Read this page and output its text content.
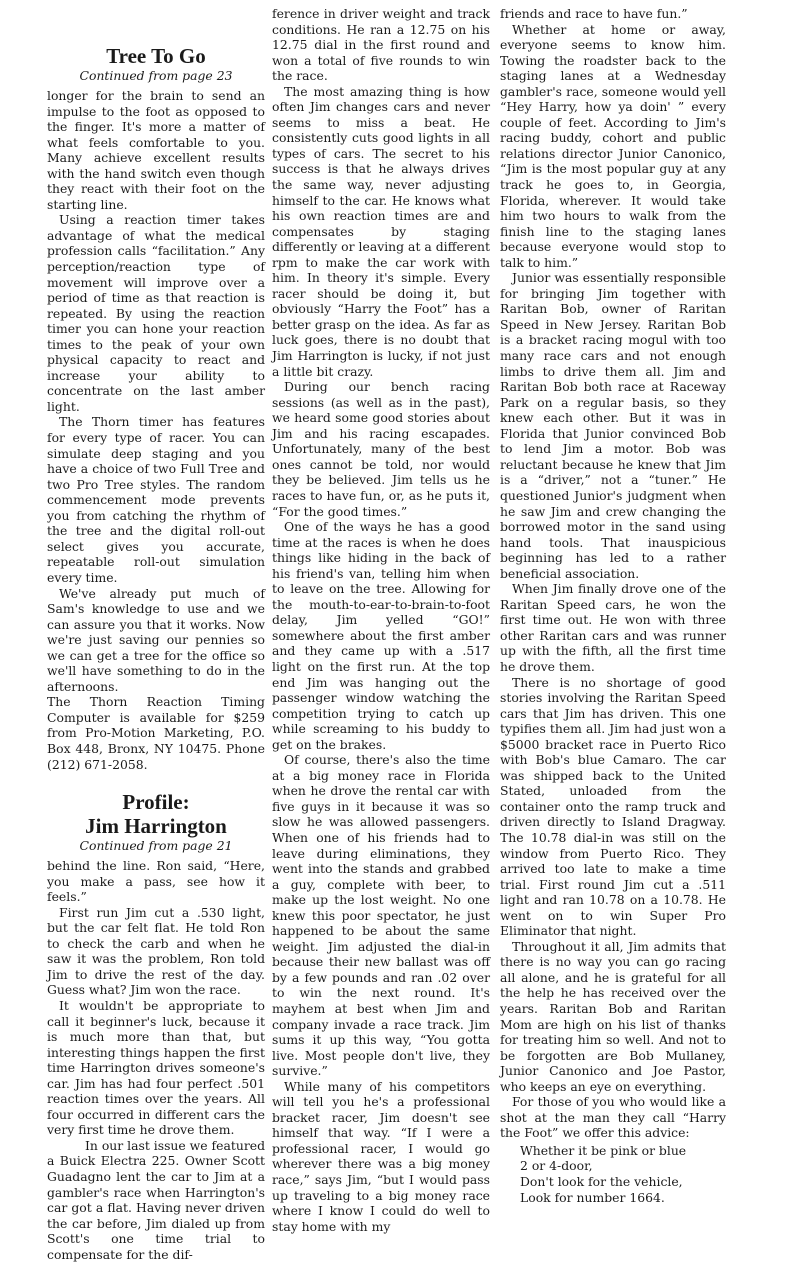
Tree To Go
Continued from page 23

longer for the brain to send an impulse to the foot as opposed to the finger. It's more a matter of what feels comfortable to you. Many achieve excellent results with the hand switch even though they react with their foot on the starting line.

Using a reaction timer takes advantage of what the medical profession calls “facilitation.” Any perception/reaction type of movement will improve over a period of time as that reaction is repeated. By using the reaction timer you can hone your reaction times to the peak of your own physical capacity to react and increase your ability to concentrate on the last amber light.

The Thorn timer has features for every type of racer. You can simulate deep staging and you have a choice of two Full Tree and two Pro Tree styles. The random commencement mode prevents you from catching the rhythm of the tree and the digital roll-out select gives you accurate, repeatable roll-out simulation every time.

We've already put much of Sam's knowledge to use and we can assure you that it works. Now we're just saving our pennies so we can get a tree for the office so we'll have something to do in the afternoons.

The Thorn Reaction Timing Computer is available for $259 from Pro-Motion Marketing, P.O. Box 448, Bronx, NY 10475. Phone (212) 671-2058.

Profile:
Jim Harrington
Continued from page 21

behind the line. Ron said, “Here, you make a pass, see how it feels.”

First run Jim cut a .530 light, but the car felt flat. He told Ron to check the carb and when he saw it was the problem, Ron told Jim to drive the rest of the day. Guess what? Jim won the race.

It wouldn't be appropriate to call it beginner's luck, because it is much more than that, but interesting things happen the first time Harrington drives someone's car. Jim has had four perfect .501 reaction times over the years. All four occurred in different cars the very first time he drove them.

In our last issue we featured a Buick Electra 225. Owner Scott Guadagno lent the car to Jim at a gambler's race when Harrington's car got a flat. Having never driven the car before, Jim dialed up from Scott's one time trial to compensate for the dif-

ference in driver weight and track conditions. He ran a 12.75 on his 12.75 dial in the first round and won a total of five rounds to win the race.

The most amazing thing is how often Jim changes cars and never seems to miss a beat. He consistently cuts good lights in all types of cars. The secret to his success is that he always drives the same way, never adjusting himself to the car. He knows what his own reaction times are and compensates by staging differently or leaving at a different rpm to make the car work with him. In theory it's simple. Every racer should be doing it, but obviously “Harry the Foot” has a better grasp on the idea. As far as luck goes, there is no doubt that Jim Harrington is lucky, if not just a little bit crazy.

During our bench racing sessions (as well as in the past), we heard some good stories about Jim and his racing escapades. Unfortunately, many of the best ones cannot be told, nor would they be believed. Jim tells us he races to have fun, or, as he puts it, “For the good times.”

One of the ways he has a good time at the races is when he does things like hiding in the back of his friend's van, telling him when to leave on the tree. Allowing for the mouth-to-ear-to-brain-to-foot delay, Jim yelled “GO!” somewhere about the first amber and they came up with a .517 light on the first run. At the top end Jim was hanging out the passenger window watching the competition trying to catch up while screaming to his buddy to get on the brakes.

Of course, there's also the time at a big money race in Florida when he drove the rental car with five guys in it because it was so slow he was allowed passengers. When one of his friends had to leave during eliminations, they went into the stands and grabbed a guy, complete with beer, to make up the lost weight. No one knew this poor spectator, he just happened to be about the same weight. Jim adjusted the dial-in because their new ballast was off by a few pounds and ran .02 over to win the next round. It's mayhem at best when Jim and company invade a race track. Jim sums it up this way, “You gotta live. Most people don't live, they survive.”

While many of his competitors will tell you he's a professional bracket racer, Jim doesn't see himself that way. “If I were a professional racer, I would go wherever there was a big money race,” says Jim, “but I would pass up traveling to a big money race where I know I could do well to stay home with my

friends and race to have fun.”

Whether at home or away, everyone seems to know him. Towing the roadster back to the staging lanes at a Wednesday gambler's race, someone would yell “Hey Harry, how ya doin' ” every couple of feet. According to Jim's racing buddy, cohort and public relations director Junior Canonico, “Jim is the most popular guy at any track he goes to, in Georgia, Florida, wherever. It would take him two hours to walk from the finish line to the staging lanes because everyone would stop to talk to him.”

Junior was essentially responsible for bringing Jim together with Raritan Bob, owner of Raritan Speed in New Jersey. Raritan Bob is a bracket racing mogul with too many race cars and not enough limbs to drive them all. Jim and Raritan Bob both race at Raceway Park on a regular basis, so they knew each other. But it was in Florida that Junior convinced Bob to lend Jim a motor. Bob was reluctant because he knew that Jim is a “driver,” not a “tuner.” He questioned Junior's judgment when he saw Jim and crew changing the borrowed motor in the sand using hand tools. That inauspicious beginning has led to a rather beneficial association.

When Jim finally drove one of the Raritan Speed cars, he won the first time out. He won with three other Raritan cars and was runner up with the fifth, all the first time he drove them.

There is no shortage of good stories involving the Raritan Speed cars that Jim has driven. This one typifies them all. Jim had just won a $5000 bracket race in Puerto Rico with Bob's blue Camaro. The car was shipped back to the United Stated, unloaded from the container onto the ramp truck and driven directly to Island Dragway. The 10.78 dial-in was still on the window from Puerto Rico. They arrived too late to make a time trial. First round Jim cut a .511 light and ran 10.78 on a 10.78. He went on to win Super Pro Eliminator that night.

Throughout it all, Jim admits that there is no way you can go racing all alone, and he is grateful for all the help he has received over the years. Raritan Bob and Raritan Mom are high on his list of thanks for treating him so well. And not to be forgotten are Bob Mullaney, Junior Canonico and Joe Pastor, who keeps an eye on everything.

For those of you who would like a shot at the man they call “Harry the Foot” we offer this advice:

Whether it be pink or blue
2 or 4-door,
Don't look for the vehicle,
Look for number 1664.
